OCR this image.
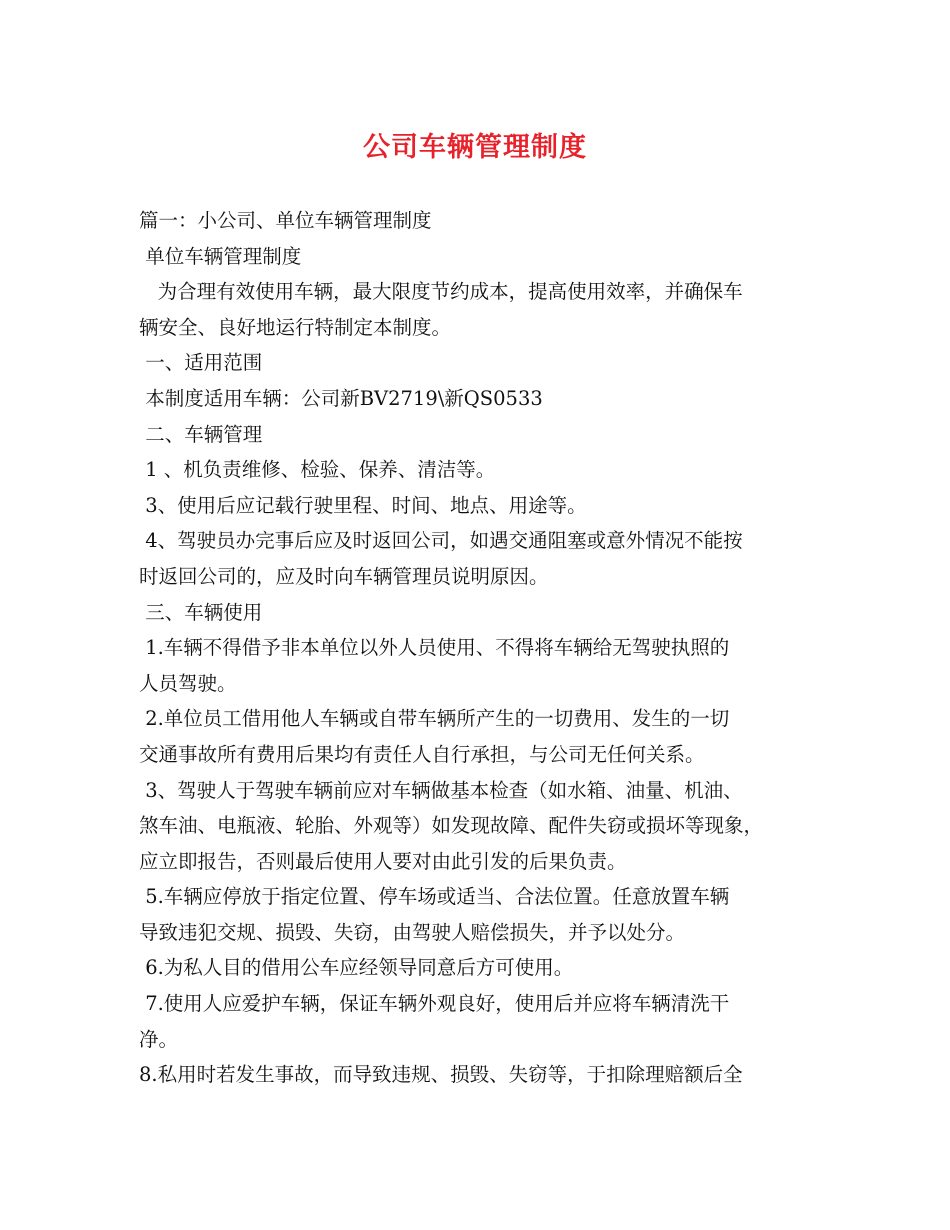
公司车辆管理制度
篇一：小公司、单位车辆管理制度
单位车辆管理制度
为合理有效使用车辆，最大限度节约成本，提高使用效率，并确保车
辆安全、良好地运行特制定本制度。
一、适用范围
本制度适用车辆：公司新BV2719\新QS0533
二、车辆管理
1 、机负责维修、检验、保养、清洁等。
3、使用后应记载行驶里程、时间、地点、用途等。
4、驾驶员办完事后应及时返回公司，如遇交通阻塞或意外情况不能按
时返回公司的，应及时向车辆管理员说明原因。
三、车辆使用
1.车辆不得借予非本单位以外人员使用、不得将车辆给无驾驶执照的
人员驾驶。
2.单位员工借用他人车辆或自带车辆所产生的一切费用、发生的一切
交通事故所有费用后果均有责任人自行承担，与公司无任何关系。
3、驾驶人于驾驶车辆前应对车辆做基本检查（如水箱、油量、机油、
煞车油、电瓶液、轮胎、外观等）如发现故障、配件失窃或损坏等现象，
应立即报告，否则最后使用人要对由此引发的后果负责。
5.车辆应停放于指定位置、停车场或适当、合法位置。任意放置车辆
导致违犯交规、损毁、失窃，由驾驶人赔偿损失，并予以处分。
6.为私人目的借用公车应经领导同意后方可使用。
7.使用人应爱护车辆，保证车辆外观良好，使用后并应将车辆清洗干
净。
8.私用时若发生事故，而导致违规、损毁、失窃等，于扣除理赔额后全
